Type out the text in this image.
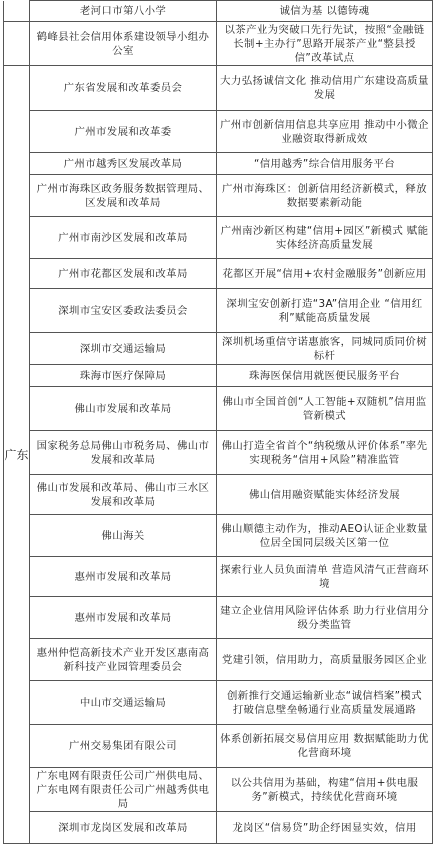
	老河口市第八小学	诚信为基 以德铸魂
	鹤峰县社会信用体系建设领导小组办公室	以茶产业为突破口先行先试，按照“金融链长制+主办行”思路开展茶产业“整县授信”改革试点
广东	广东省发展和改革委员会	大力弘扬诚信文化 推动信用广东建设高质量发展
	广州市发展和改革委	广州市创新信用信息共享应用 推动中小微企业融资取得新成效
	广州市越秀区发展改革局	“信用越秀”综合信用服务平台
	广州市海珠区政务服务数据管理局、区发展和改革局	广州市海珠区：创新信用经济新模式，释放数据要素新动能
	广州市南沙区发展和改革局	广州南沙新区构建“信用+园区”新模式 赋能实体经济高质量发展
	广州市花都区发展和改革局	花都区开展“信用+农村金融服务”创新应用
	深圳市宝安区委政法委员会	深圳宝安创新打造“3A”信用企业 “信用红利”赋能高质量发展
	深圳市交通运输局	深圳机场重信守诺惠旅客，同城同质同价树标杆
	珠海市医疗保障局	珠海医保信用就医便民服务平台
	佛山市发展和改革局	佛山市全国首创“人工智能+双随机”信用监管新模式
	国家税务总局佛山市税务局、佛山市发展和改革局	佛山打造全省首个“纳税缴从评价体系”率先实现税务“信用+风险”精准监管
	佛山市发展和改革局、佛山市三水区发展和改革局	佛山信用融资赋能实体经济发展
	佛山海关	佛山顺德主动作为，推动AEO认证企业数量位居全国同层级关区第一位
	惠州市发展和改革局	探索行业人员负面清单 营造风清气正营商环境
	惠州市发展和改革局	建立企业信用风险评估体系 助力行业信用分级分类监管
	惠州仲恺高新技术产业开发区惠南高新科技产业园管理委员会	党建引领，信用助力，高质量服务园区企业
	中山市交通运输局	创新推行交通运输新业态“诚信档案”模式 打破信息壁垒畅通行业高质量发展通路
	广州交易集团有限公司	体系创新拓展交易信用应用 数据赋能助力优化营商环境
	广东电网有限责任公司广州供电局、广东电网有限责任公司广州越秀供电局	以公共信用为基础，构建“信用+供电服务”新模式，持续优化营商环境
	深圳市龙岗区发展和改革局	龙岗区“信易贷”助企纾困显实效，信用
